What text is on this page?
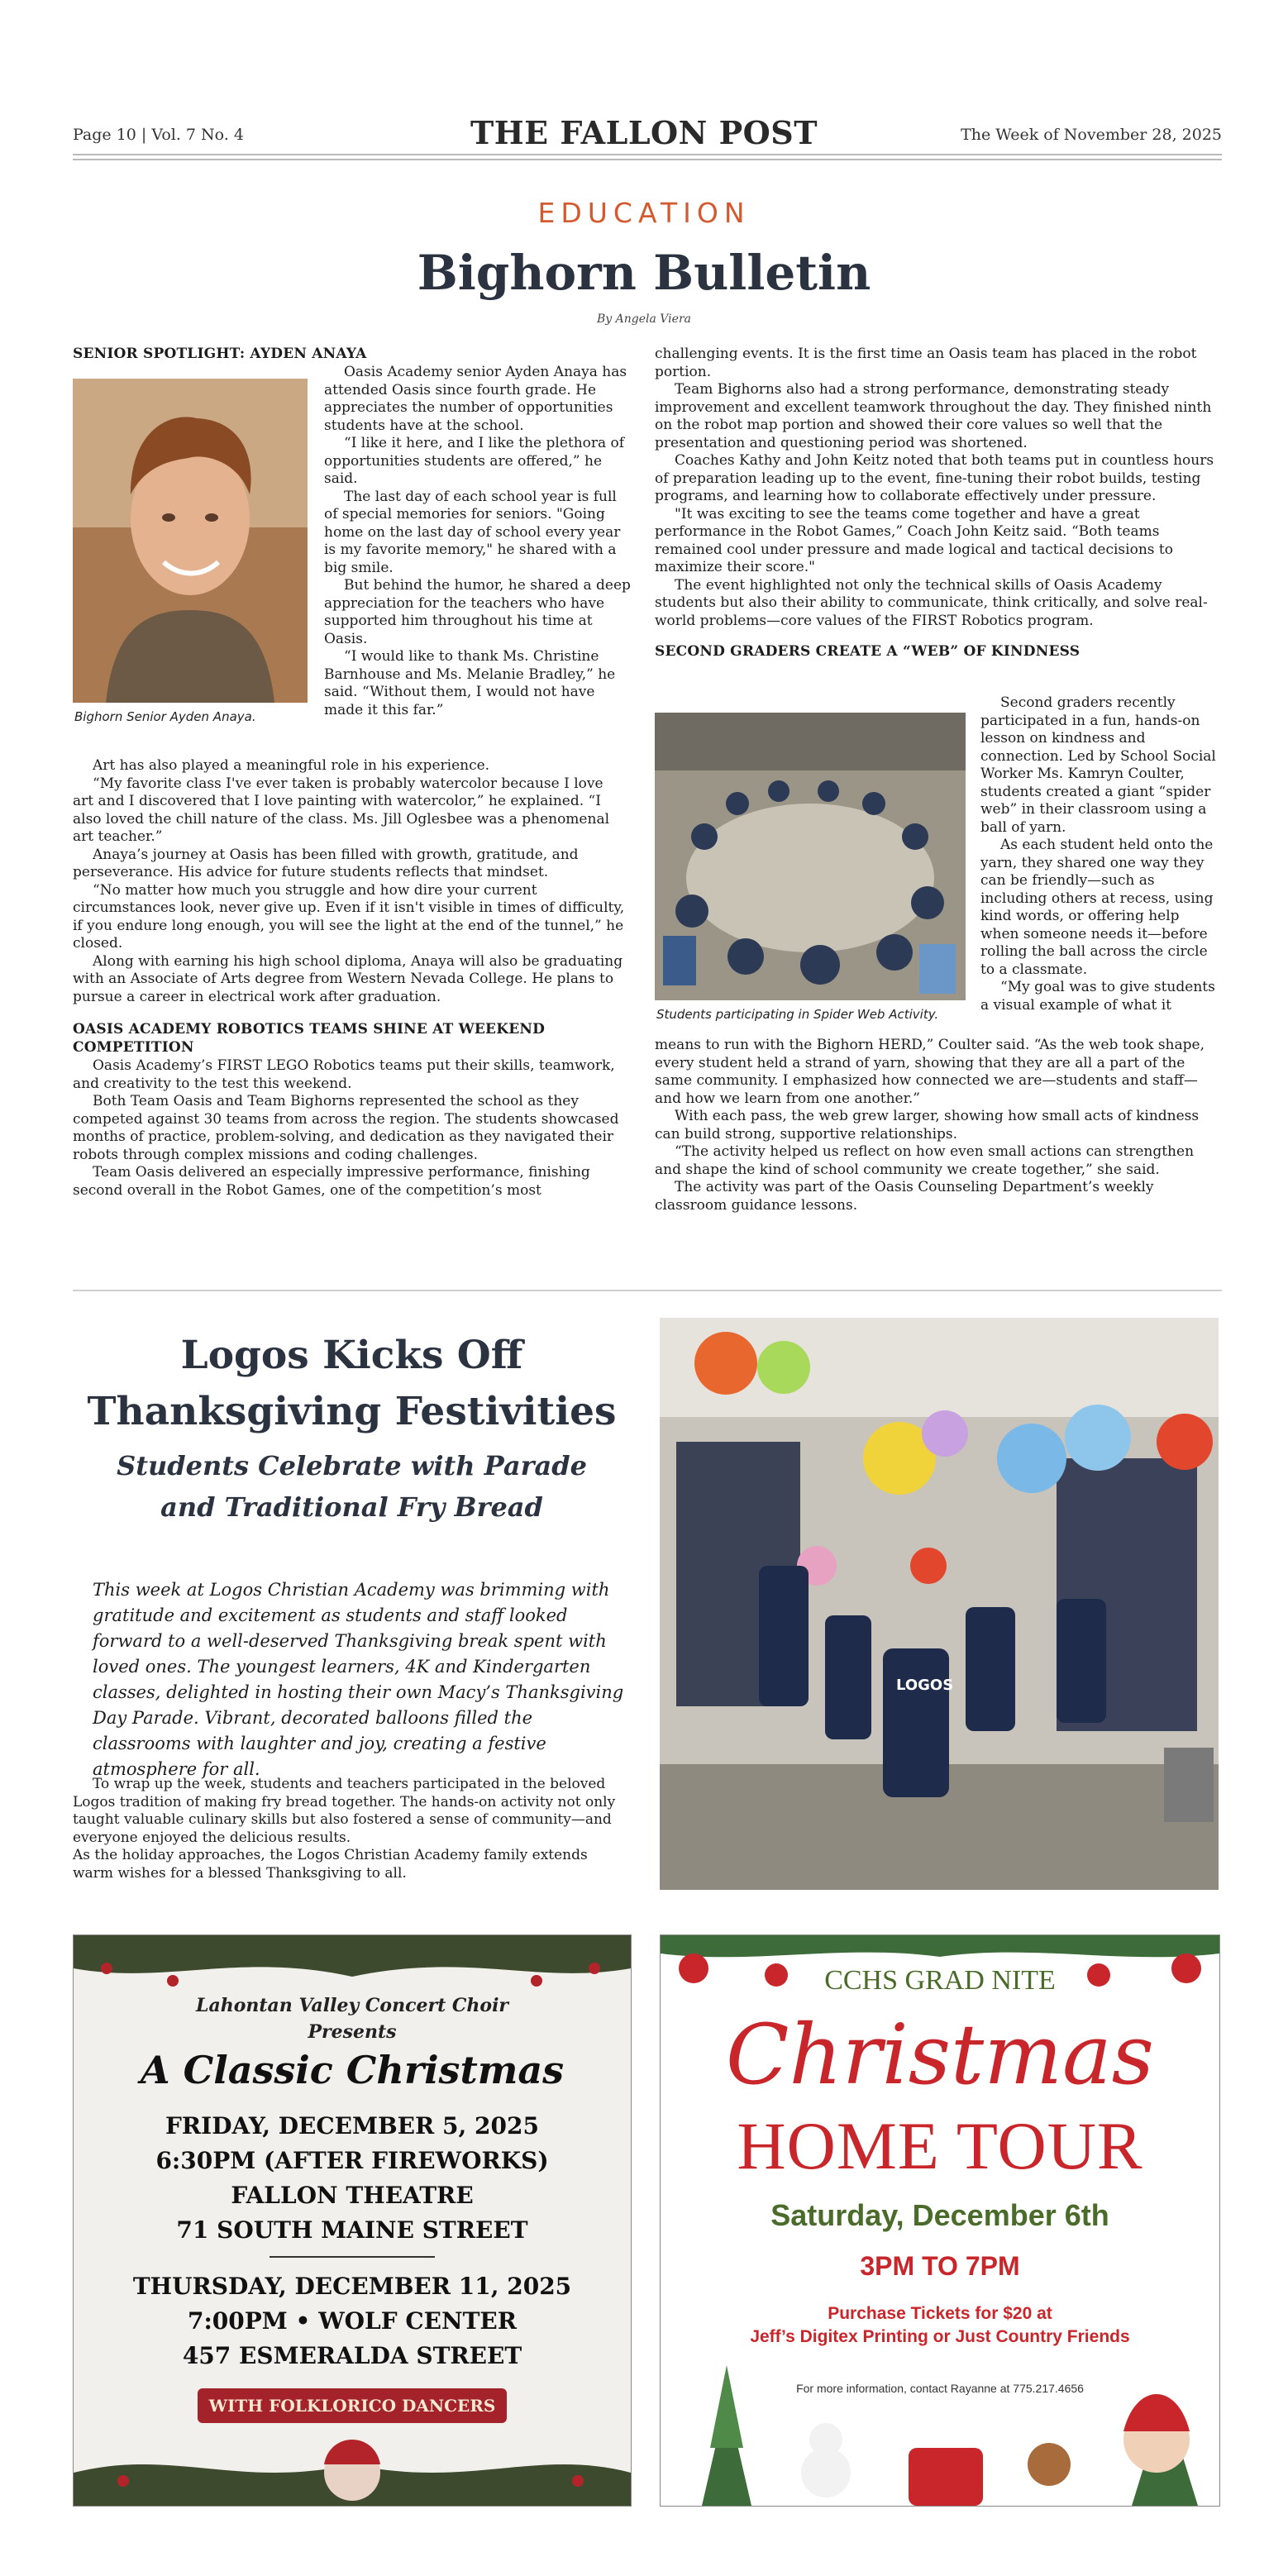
Page 10 | Vol. 7 No. 4	THE FALLON POST	The Week of November 28, 2025
EDUCATION
Bighorn Bulletin
By Angela Viera
SENIOR SPOTLIGHT: AYDEN ANAYA
Bighorn Senior Ayden Anaya.

Oasis Academy senior Ayden Anaya has attended Oasis since fourth grade. He appreciates the number of opportunities students have at the school.

“I like it here, and I like the plethora of opportunities students are offered,” he said.

The last day of each school year is full of special memories for seniors. "Going home on the last day of school every year is my favorite memory," he shared with a big smile.

But behind the humor, he shared a deep appreciation for the teachers who have supported him throughout his time at Oasis.

“I would like to thank Ms. Christine Barnhouse and Ms. Melanie Bradley,” he said. “Without them, I would not have made it this far.”

Art has also played a meaningful role in his experience.

“My favorite class I've ever taken is probably watercolor because I love art and I discovered that I love painting with watercolor,” he explained. “I also loved the chill nature of the class. Ms. Jill Oglesbee was a phenomenal art teacher.”

Anaya’s journey at Oasis has been filled with growth, gratitude, and perseverance. His advice for future students reflects that mindset.

“No matter how much you struggle and how dire your current circumstances look, never give up. Even if it isn't visible in times of difficulty, if you endure long enough, you will see the light at the end of the tunnel,” he closed.

Along with earning his high school diploma, Anaya will also be graduating with an Associate of Arts degree from Western Nevada College. He plans to pursue a career in electrical work after graduation.

OASIS ACADEMY ROBOTICS TEAMS SHINE AT WEEKEND COMPETITION

Oasis Academy’s FIRST LEGO Robotics teams put their skills, teamwork, and creativity to the test this weekend.

Both Team Oasis and Team Bighorns represented the school as they competed against 30 teams from across the region. The students showcased months of practice, problem-solving, and dedication as they navigated their robots through complex missions and coding challenges.

Team Oasis delivered an especially impressive performance, finishing second overall in the Robot Games, one of the competition’s most

challenging events. It is the first time an Oasis team has placed in the robot portion.

Team Bighorns also had a strong performance, demonstrating steady improvement and excellent teamwork throughout the day. They finished ninth on the robot map portion and showed their core values so well that the presentation and questioning period was shortened.

Coaches Kathy and John Keitz noted that both teams put in countless hours of preparation leading up to the event, fine-tuning their robot builds, testing programs, and learning how to collaborate effectively under pressure.

"It was exciting to see the teams come together and have a great performance in the Robot Games,” Coach John Keitz said. “Both teams remained cool under pressure and made logical and tactical decisions to maximize their score."

The event highlighted not only the technical skills of Oasis Academy students but also their ability to communicate, think critically, and solve real-world problems—core values of the FIRST Robotics program.

SECOND GRADERS CREATE A “WEB” OF KINDNESS
Students participating in Spider Web Activity.

Second graders recently participated in a fun, hands-on lesson on kindness and connection. Led by School Social Worker Ms. Kamryn Coulter, students created a giant “spider web” in their classroom using a ball of yarn.

As each student held onto the yarn, they shared one way they can be friendly—such as including others at recess, using kind words, or offering help when someone needs it—before rolling the ball across the circle to a classmate.

“My goal was to give students a visual example of what it

means to run with the Bighorn HERD,” Coulter said. “As the web took shape, every student held a strand of yarn, showing that they are all a part of the same community. I emphasized how connected we are—students and staff—and how we learn from one another.”

With each pass, the web grew larger, showing how small acts of kindness can build strong, supportive relationships.

“The activity helped us reflect on how even small actions can strengthen and shape the kind of school community we create together,” she said.

The activity was part of the Oasis Counseling Department’s weekly classroom guidance lessons.

Logos Kicks Off
Thanksgiving Festivities
Students Celebrate with Parade
and Traditional Fry Bread
This week at Logos Christian Academy was brimming with gratitude and excitement as students and staff looked forward to a well-deserved Thanksgiving break spent with loved ones. The youngest learners, 4K and Kindergarten classes, delighted in hosting their own Macy’s Thanksgiving Day Parade. Vibrant, decorated balloons filled the classrooms with laughter and joy, creating a festive atmosphere for all.

To wrap up the week, students and teachers participated in the beloved Logos tradition of making fry bread together. The hands-on activity not only taught valuable culinary skills but also fostered a sense of community—and everyone enjoyed the delicious results.

As the holiday approaches, the Logos Christian Academy family extends warm wishes for a blessed Thanksgiving to all.

LOGOS
Lahontan Valley Concert Choir
Presents
A Classic Christmas
FRIDAY, DECEMBER 5, 2025
6:30PM (AFTER FIREWORKS)
FALLON THEATRE
71 SOUTH MAINE STREET
THURSDAY, DECEMBER 11, 2025
7:00PM • WOLF CENTER
457 ESMERALDA STREET
WITH FOLKLORICO DANCERS
CCHS GRAD NITE
Christmas
HOME TOUR
Saturday, December 6th
3PM TO 7PM
Purchase Tickets for $20 at
Jeff’s Digitex Printing or Just Country Friends
For more information, contact Rayanne at 775.217.4656
